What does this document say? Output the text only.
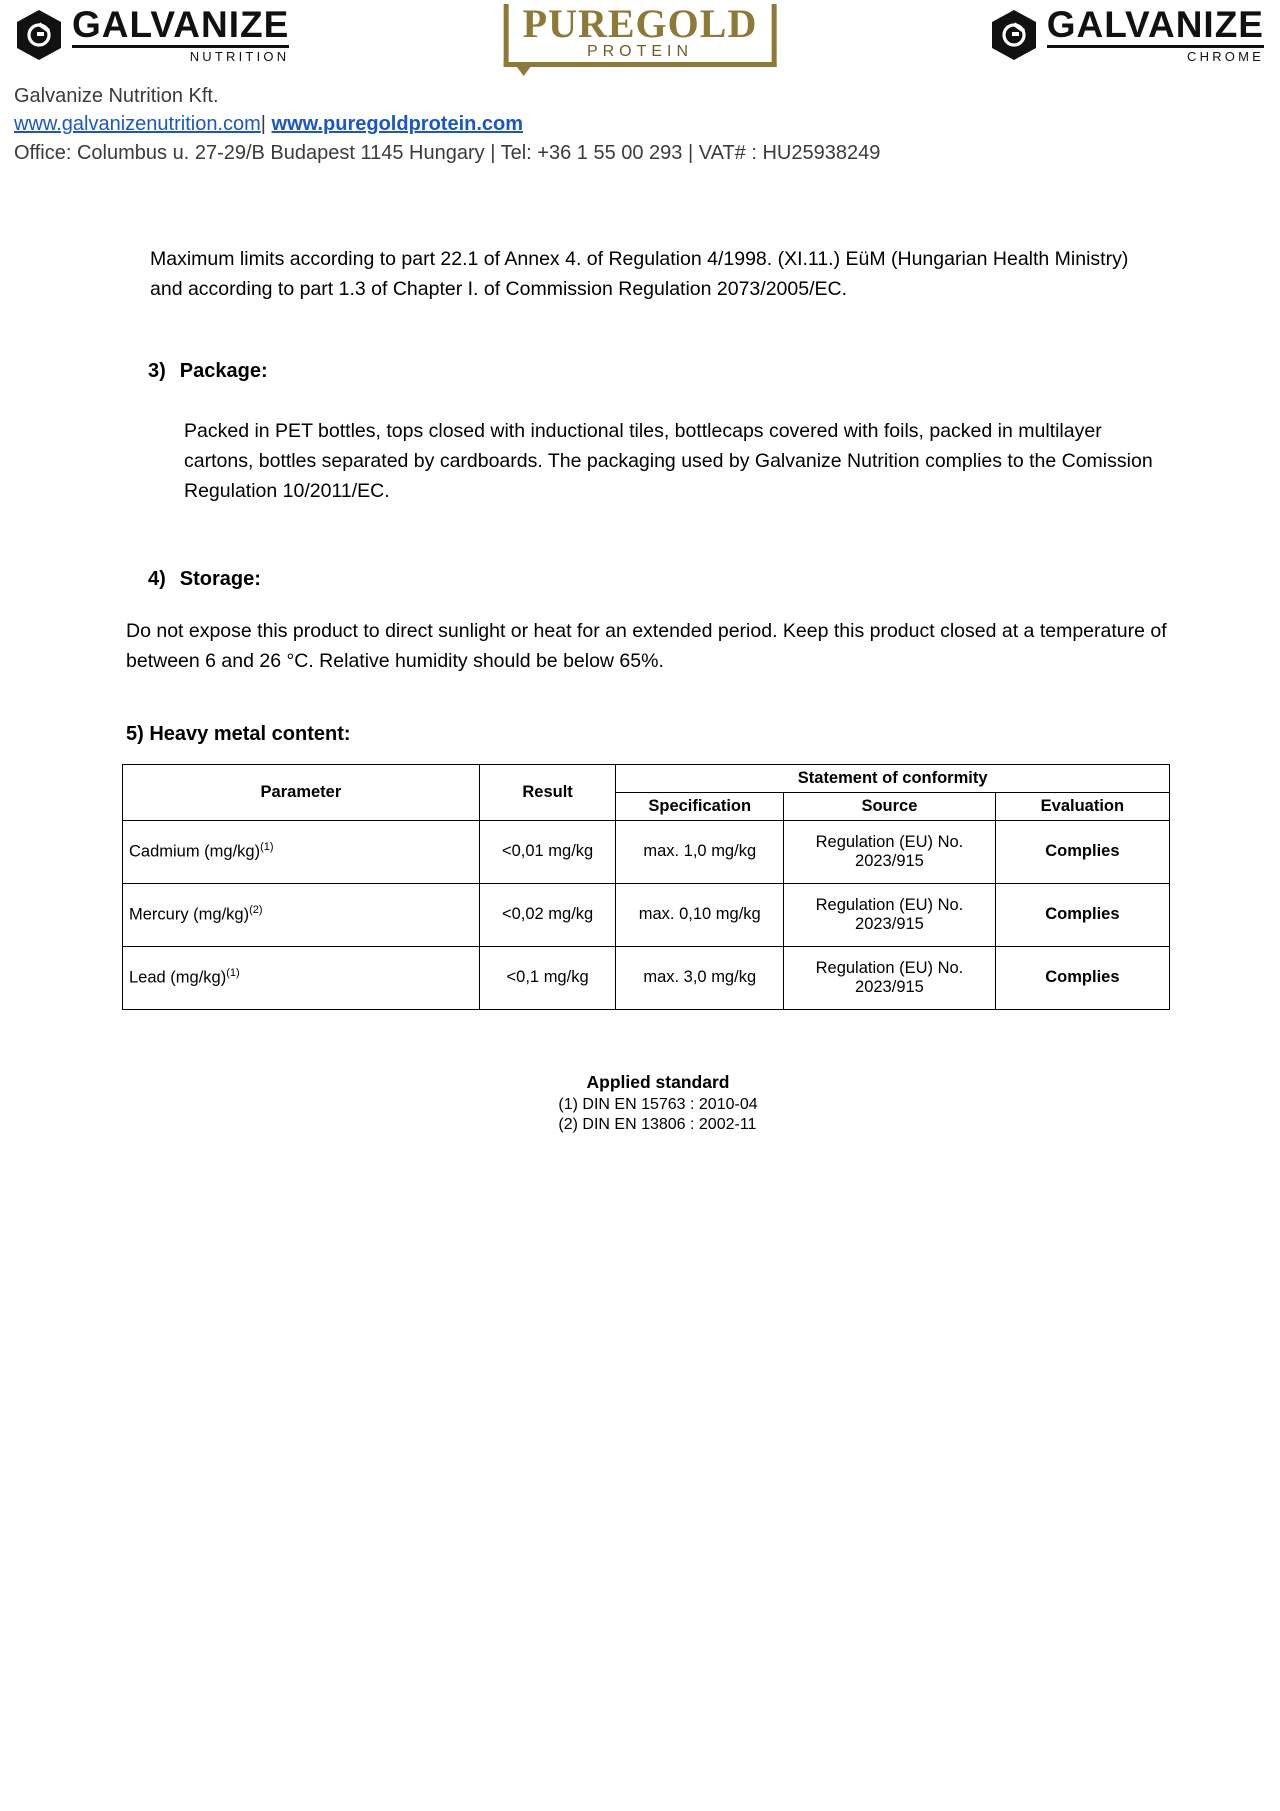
GALVANIZE
NUTRITION
PUREGOLD
PROTEIN
GALVANIZE
CHROME
Galvanize Nutrition Kft.
www.galvanizenutrition.com| www.puregoldprotein.com
Office: Columbus u. 27-29/B Budapest 1145 Hungary | Tel: +36 1 55 00 293 | VAT# : HU25938249
Maximum limits according to part 22.1 of Annex 4. of Regulation 4/1998. (XI.11.) EüM (Hungarian Health Ministry) and according to part 1.3 of Chapter I. of Commission Regulation 2073/2005/EC.
3) Package:
Packed in PET bottles, tops closed with inductional tiles, bottlecaps covered with foils, packed in multilayer cartons, bottles separated by cardboards. The packaging used by Galvanize Nutrition complies to the Comission Regulation 10/2011/EC.
4) Storage:
Do not expose this product to direct sunlight or heat for an extended period. Keep this product closed at a temperature of between 6 and 26 °C. Relative humidity should be below 65%.
5) Heavy metal content:
Parameter	Result	Statement of conformity		
		Specification	Source	Evaluation
Cadmium $(mg/kg)^{(1)}$	<0,01 mg/kg	max. 1,0 mg/kg	Regulation (EU) No. 2023/915	Complies
Mercury $(mg/kg)^{(2)}$	<0,02 mg/kg	max. 0,10 mg/kg	Regulation (EU) No. 2023/915	Complies
Lead $(mg/kg)^{(1)}$	<0,1 mg/kg	max. 3,0 mg/kg	Regulation (EU) No. 2023/915	Complies
Applied standard
(1) DIN EN 15763 : 2010-04
(2) DIN EN 13806 : 2002-11
